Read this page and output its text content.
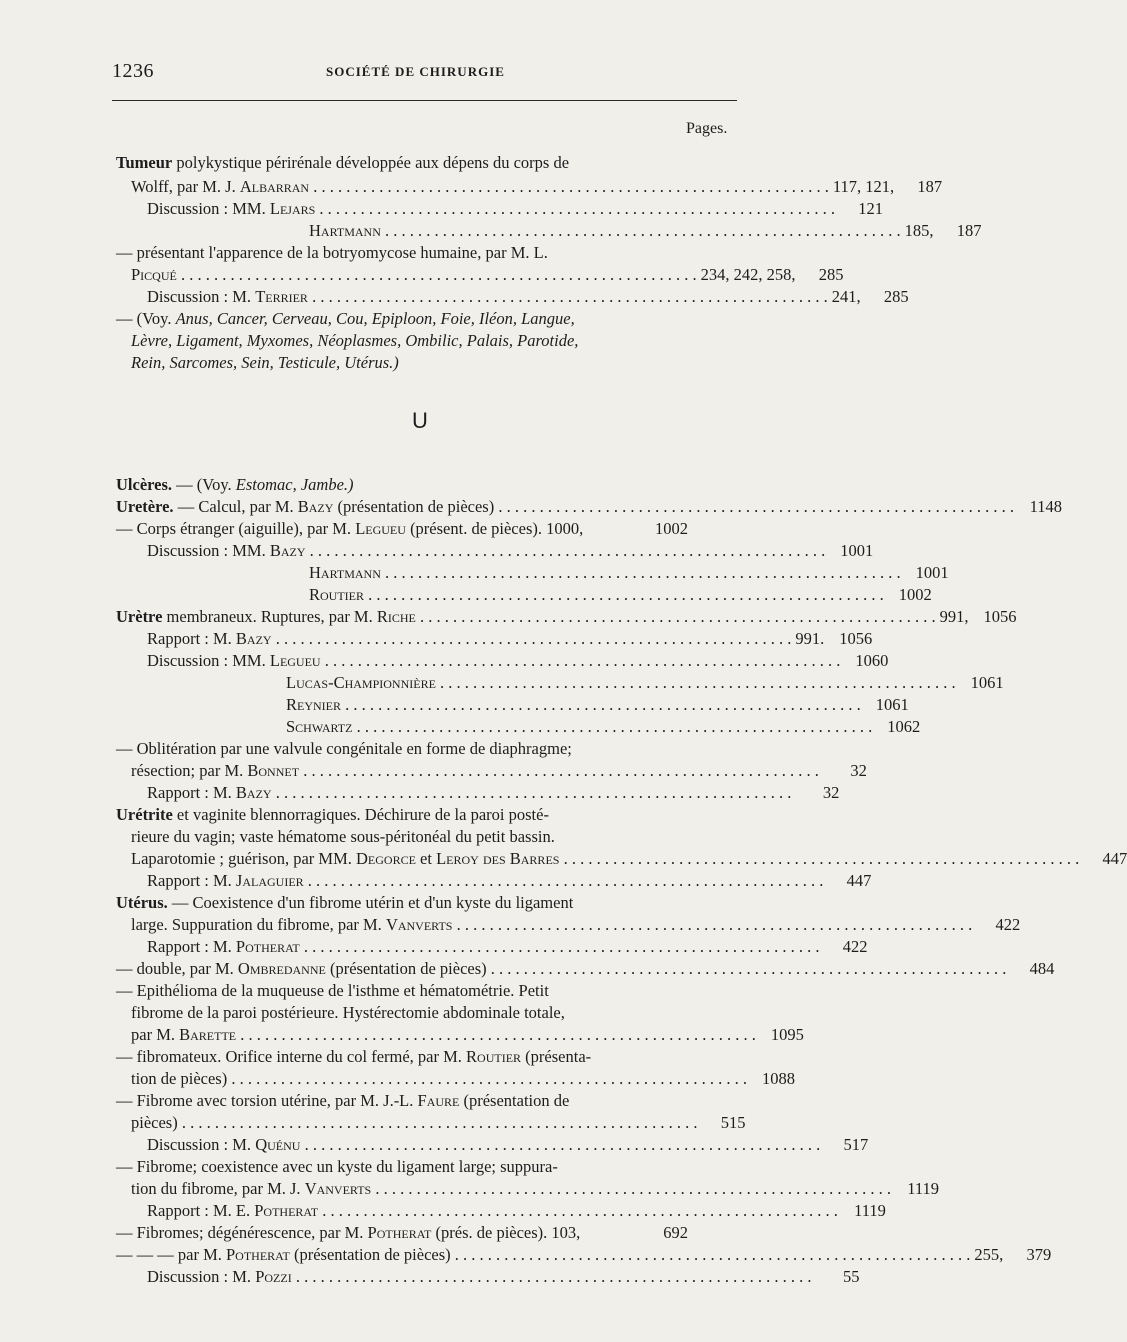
1236	SOCIÉTÉ DE CHIRURGIE
Pages.
U
Tumeur polykystique périrénale développée aux dépens du corps de
Wolff, par M. J. Albarran . . . . . . . . . . . . . . . . . . . . . . . . . . . . . . . . . . . . . . . . . . . . . . . . . . . . . . . . . . . . . . . 117, 121,	187
Discussion : MM. Lejars . . . . . . . . . . . . . . . . . . . . . . . . . . . . . . . . . . . . . . . . . . . . . . . . . . . . . . . . . . . . . . .	121
Hartmann . . . . . . . . . . . . . . . . . . . . . . . . . . . . . . . . . . . . . . . . . . . . . . . . . . . . . . . . . . . . . . . 185,	187
— présentant l'apparence de la botryomycose humaine, par M. L.
Picqué . . . . . . . . . . . . . . . . . . . . . . . . . . . . . . . . . . . . . . . . . . . . . . . . . . . . . . . . . . . . . . . 234, 242, 258,	285
Discussion : M. Terrier . . . . . . . . . . . . . . . . . . . . . . . . . . . . . . . . . . . . . . . . . . . . . . . . . . . . . . . . . . . . . . . 241,	285
— (Voy. Anus, Cancer, Cerveau, Cou, Epiploon, Foie, Iléon, Langue,
Lèvre, Ligament, Myxomes, Néoplasmes, Ombilic, Palais, Parotide,
Rein, Sarcomes, Sein, Testicule, Utérus.)
Ulcères. — (Voy. Estomac, Jambe.)
Uretère. — Calcul, par M. Bazy (présentation de pièces) . . . . . . . . . . . . . . . . . . . . . . . . . . . . . . . . . . . . . . . . . . . . . . . . . . . . . . . . . . . . . . . 1148
— Corps étranger (aiguille), par M. Legueu (présent. de pièces). 1000,	1002
Discussion : MM. Bazy . . . . . . . . . . . . . . . . . . . . . . . . . . . . . . . . . . . . . . . . . . . . . . . . . . . . . . . . . . . . . . . 1001
Hartmann . . . . . . . . . . . . . . . . . . . . . . . . . . . . . . . . . . . . . . . . . . . . . . . . . . . . . . . . . . . . . . . 1001
Routier . . . . . . . . . . . . . . . . . . . . . . . . . . . . . . . . . . . . . . . . . . . . . . . . . . . . . . . . . . . . . . . 1002
Urètre membraneux. Ruptures, par M. Riche . . . . . . . . . . . . . . . . . . . . . . . . . . . . . . . . . . . . . . . . . . . . . . . . . . . . . . . . . . . . . . . 991, 1056
Rapport : M. Bazy . . . . . . . . . . . . . . . . . . . . . . . . . . . . . . . . . . . . . . . . . . . . . . . . . . . . . . . . . . . . . . . 991. 1056
Discussion : MM. Legueu . . . . . . . . . . . . . . . . . . . . . . . . . . . . . . . . . . . . . . . . . . . . . . . . . . . . . . . . . . . . . . . 1060
Lucas-Championnière . . . . . . . . . . . . . . . . . . . . . . . . . . . . . . . . . . . . . . . . . . . . . . . . . . . . . . . . . . . . . . . 1061
Reynier . . . . . . . . . . . . . . . . . . . . . . . . . . . . . . . . . . . . . . . . . . . . . . . . . . . . . . . . . . . . . . . 1061
Schwartz . . . . . . . . . . . . . . . . . . . . . . . . . . . . . . . . . . . . . . . . . . . . . . . . . . . . . . . . . . . . . . . 1062
— Oblitération par une valvule congénitale en forme de diaphragme;
résection; par M. Bonnet . . . . . . . . . . . . . . . . . . . . . . . . . . . . . . . . . . . . . . . . . . . . . . . . . . . . . . . . . . . . . . .	32
Rapport : M. Bazy . . . . . . . . . . . . . . . . . . . . . . . . . . . . . . . . . . . . . . . . . . . . . . . . . . . . . . . . . . . . . . .	32
Urétrite et vaginite blennorragiques. Déchirure de la paroi posté-
rieure du vagin; vaste hématome sous-péritonéal du petit bassin.
Laparotomie ; guérison, par MM. Degorce et Leroy des Barres . . . . . . . . . . . . . . . . . . . . . . . . . . . . . . . . . . . . . . . . . . . . . . . . . . . . . . . . . . . . . . .	447
Rapport : M. Jalaguier . . . . . . . . . . . . . . . . . . . . . . . . . . . . . . . . . . . . . . . . . . . . . . . . . . . . . . . . . . . . . . .	447
Utérus. — Coexistence d'un fibrome utérin et d'un kyste du ligament
large. Suppuration du fibrome, par M. Vanverts . . . . . . . . . . . . . . . . . . . . . . . . . . . . . . . . . . . . . . . . . . . . . . . . . . . . . . . . . . . . . . .	422
Rapport : M. Potherat . . . . . . . . . . . . . . . . . . . . . . . . . . . . . . . . . . . . . . . . . . . . . . . . . . . . . . . . . . . . . . .	422
— double, par M. Ombredanne (présentation de pièces) . . . . . . . . . . . . . . . . . . . . . . . . . . . . . . . . . . . . . . . . . . . . . . . . . . . . . . . . . . . . . . .	484
— Epithélioma de la muqueuse de l'isthme et hématométrie. Petit
fibrome de la paroi postérieure. Hystérectomie abdominale totale,
par M. Barette . . . . . . . . . . . . . . . . . . . . . . . . . . . . . . . . . . . . . . . . . . . . . . . . . . . . . . . . . . . . . . . 1095
— fibromateux. Orifice interne du col fermé, par M. Routier (présenta-
tion de pièces) . . . . . . . . . . . . . . . . . . . . . . . . . . . . . . . . . . . . . . . . . . . . . . . . . . . . . . . . . . . . . . . 1088
— Fibrome avec torsion utérine, par M. J.-L. Faure (présentation de
pièces) . . . . . . . . . . . . . . . . . . . . . . . . . . . . . . . . . . . . . . . . . . . . . . . . . . . . . . . . . . . . . . .	515
Discussion : M. Quénu . . . . . . . . . . . . . . . . . . . . . . . . . . . . . . . . . . . . . . . . . . . . . . . . . . . . . . . . . . . . . . .	517
— Fibrome; coexistence avec un kyste du ligament large; suppura-
tion du fibrome, par M. J. Vanverts . . . . . . . . . . . . . . . . . . . . . . . . . . . . . . . . . . . . . . . . . . . . . . . . . . . . . . . . . . . . . . . 1119
Rapport : M. E. Potherat . . . . . . . . . . . . . . . . . . . . . . . . . . . . . . . . . . . . . . . . . . . . . . . . . . . . . . . . . . . . . . . 1119
— Fibromes; dégénérescence, par M. Potherat (prés. de pièces). 103,	692
— — — par M. Potherat (présentation de pièces) . . . . . . . . . . . . . . . . . . . . . . . . . . . . . . . . . . . . . . . . . . . . . . . . . . . . . . . . . . . . . . . 255,	379
Discussion : M. Pozzi . . . . . . . . . . . . . . . . . . . . . . . . . . . . . . . . . . . . . . . . . . . . . . . . . . . . . . . . . . . . . . .	55
